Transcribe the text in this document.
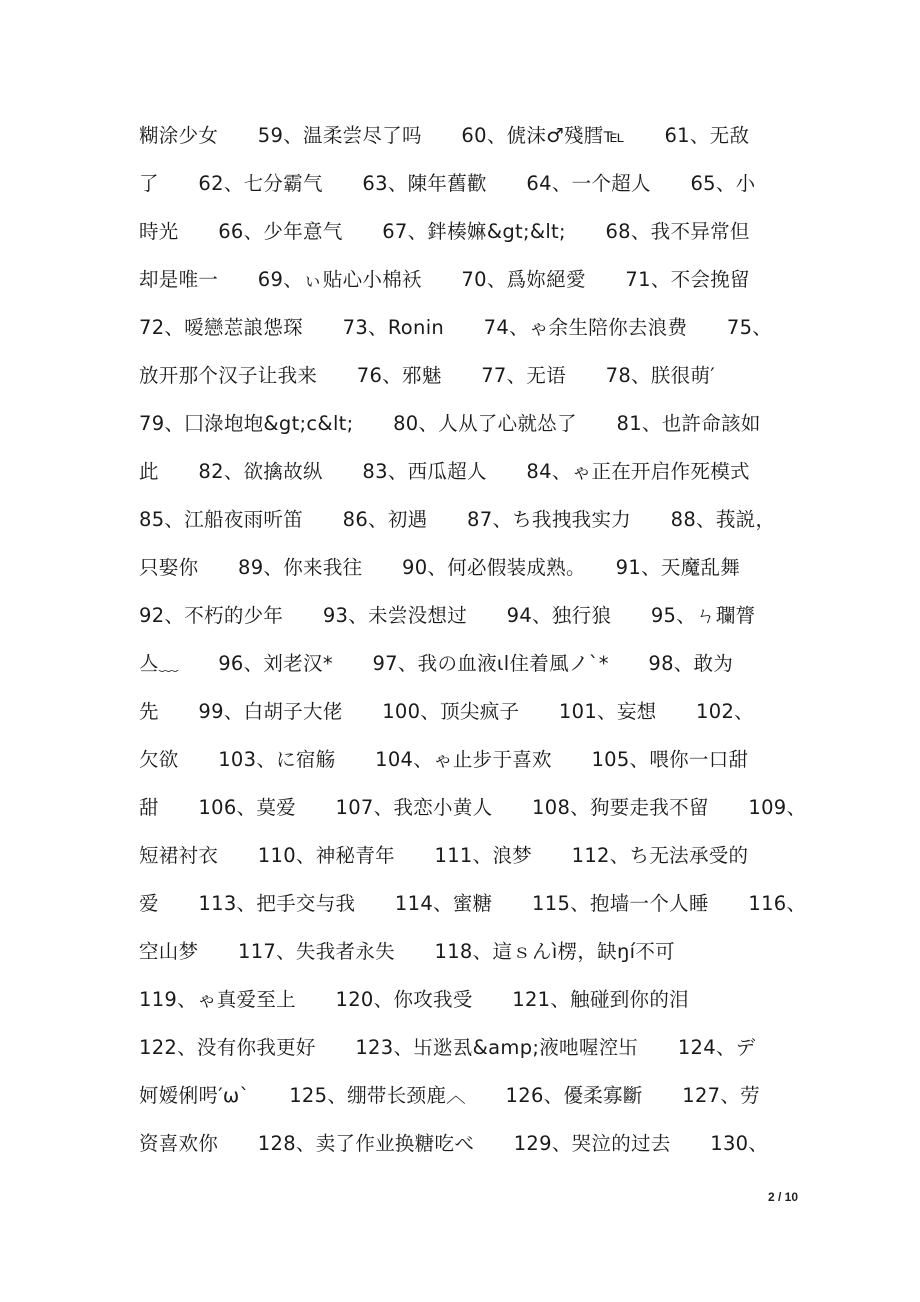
糊涂少女　　59、温柔尝尽了吗　　60、俿沫♂殘膤℡　　61、无敌
了　　62、七分霸气　　63、陳年舊歡　　64、一个超人　　65、小
時光　　66、少年意气　　67、鉡楱嫲&gt;&lt;　　68、我不异常但
却是唯一　　69、ぃ贴心小棉袄　　70、爲妳絕愛　　71、不会挽留
72、嗳戀莣誏怹琛　　73、Ronin　　74、ゃ余生陪你去浪费　　75、
放开那个汉子让我来　　76、邪魅　　77、无语　　78、朕很萌′
79、囗淥垉垉&gt;c&lt;　　80、人从了心就怂了　　81、也許命該如
此　　82、欲擒故纵　　83、西瓜超人　　84、ゃ正在开启作死模式
85、江船夜雨听笛　　86、初遇　　87、ち我拽我实力　　88、莪説，
只娶你　　89、你来我往　　90、何必假装成熟。　　91、天魔乱舞
92、不朽的少年　　93、未尝没想过　　94、独行狼　　95、ㄣ瓓膂
亼﹏　　96、刘老汉*　　97、我の血液ιl住着風ノ`*　　98、敢为
先　　99、白胡子大佬　　100、顶尖疯子　　101、妄想　　102、
欠欲　　103、に宿觞　　104、ゃ止步于喜欢　　105、喂你一口甜
甜　　106、莫爱　　107、我恋小黄人　　108、狗要走我不留　　109、
短裙衬衣　　110、神秘青年　　111、浪梦　　112、ち无法承受的
爱　　113、把手交与我　　114、蜜糖　　115、抱墙一个人睡　　116、
空山梦　　117、失我者永失　　118、這ｓんì楞，缺ŋí不可
119、ゃ真爱至上　　120、你攻我受　　121、触碰到你的泪
122、没有你我更好　　123、卐逖厾&amp;液吔喔涳卐　　124、デ
妸嫒俐呺′ω`　　125、绷带长颈鹿︿　　126、優柔寡斷　　127、劳
资喜欢你　　128、卖了作业换糖吃べ　　129、哭泣的过去　　130、
2 / 10
